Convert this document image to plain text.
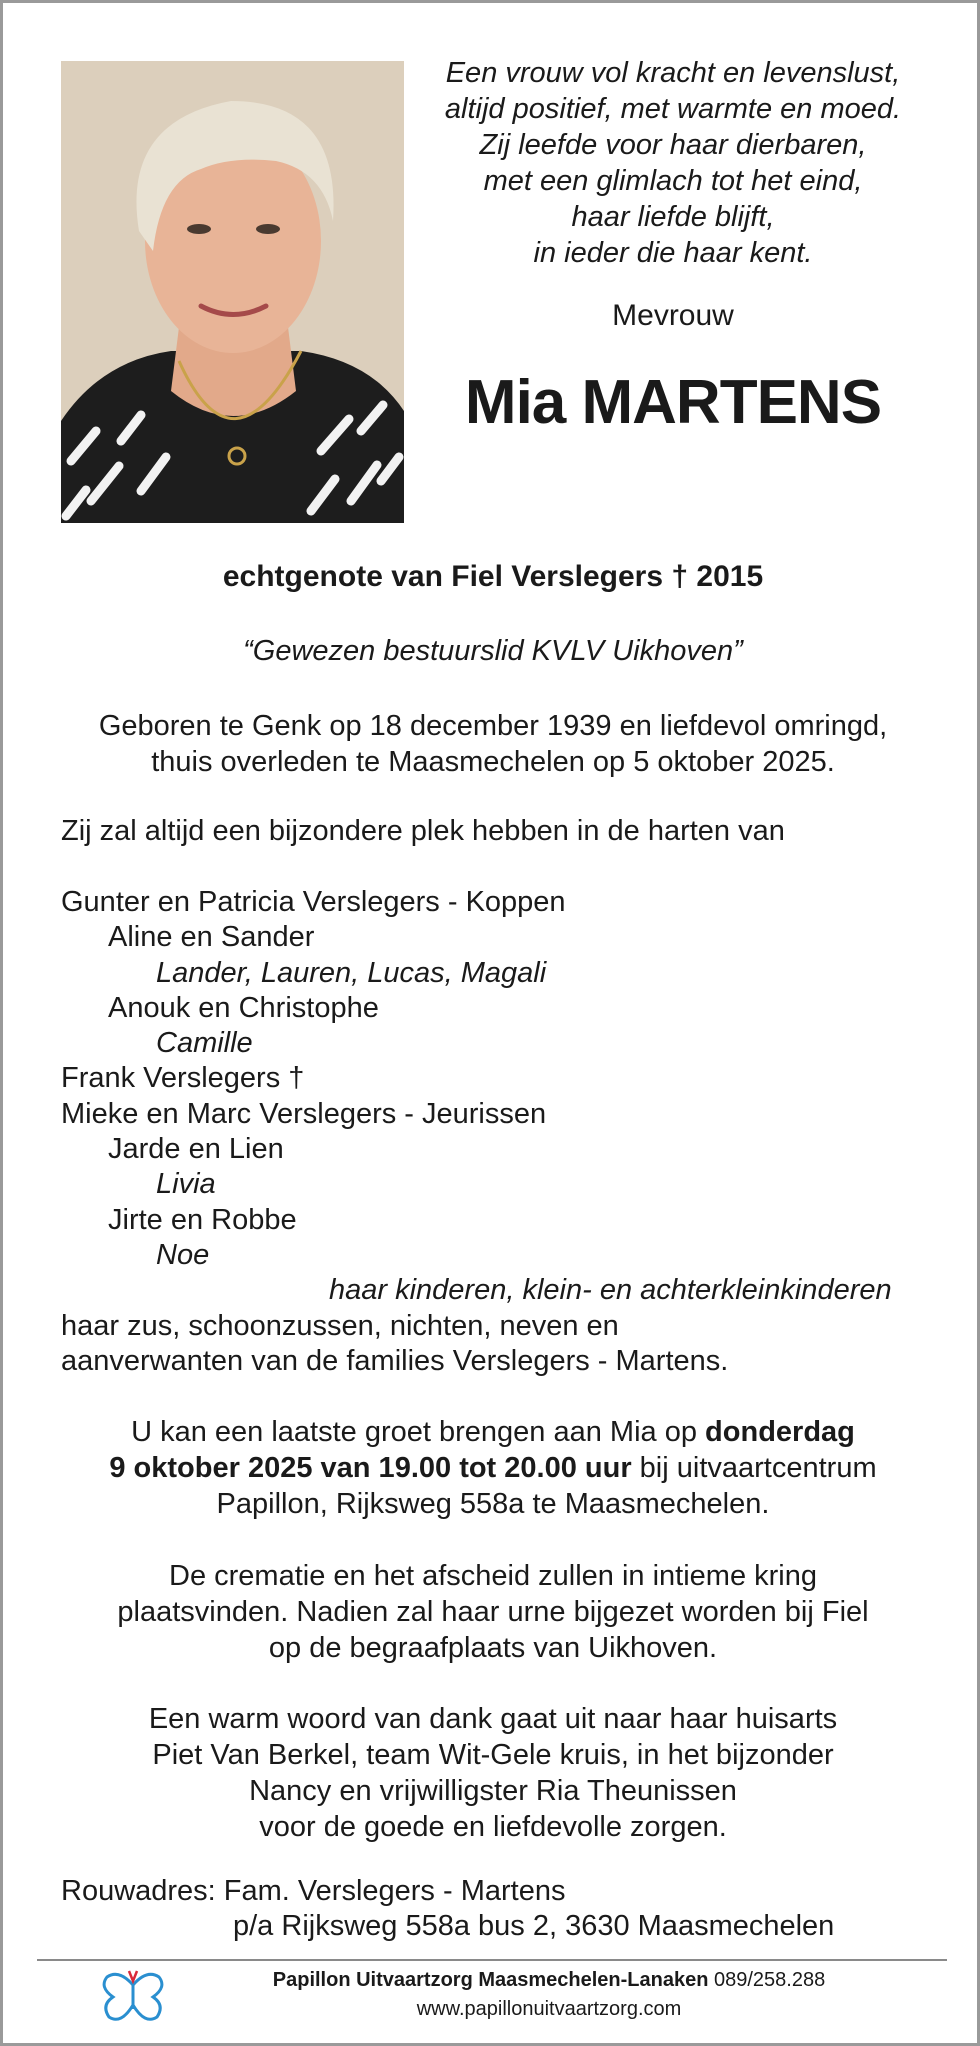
Een vrouw vol kracht en levenslust,
altijd positief, met warmte en moed.
Zij leefde voor haar dierbaren,
met een glimlach tot het eind,
haar liefde blijft,
in ieder die haar kent.
Mevrouw
Mia MARTENS
echtgenote van Fiel Verslegers † 2015
“Gewezen bestuurslid KVLV Uikhoven”
Geboren te Genk op 18 december 1939 en liefdevol omringd,
thuis overleden te Maasmechelen op 5 oktober 2025.
Zij zal altijd een bijzondere plek hebben in de harten van
Gunter en Patricia Verslegers - Koppen
Aline en Sander
Lander, Lauren, Lucas, Magali
Anouk en Christophe
Camille
Frank Verslegers †
Mieke en Marc Verslegers - Jeurissen
Jarde en Lien
Livia
Jirte en Robbe
Noe
haar kinderen, klein- en achterkleinkinderen
haar zus, schoonzussen, nichten, neven en
aanverwanten van de families Verslegers - Martens.
U kan een laatste groet brengen aan Mia op donderdag
9 oktober 2025 van 19.00 tot 20.00 uur bij uitvaartcentrum
Papillon, Rijksweg 558a te Maasmechelen.
De crematie en het afscheid zullen in intieme kring
plaatsvinden. Nadien zal haar urne bijgezet worden bij Fiel
op de begraafplaats van Uikhoven.
Een warm woord van dank gaat uit naar haar huisarts
Piet Van Berkel, team Wit-Gele kruis, in het bijzonder
Nancy en vrijwilligster Ria Theunissen
voor de goede en liefdevolle zorgen.
Rouwadres: Fam. Verslegers - Martens
p/a Rijksweg 558a bus 2, 3630 Maasmechelen
Papillon Uitvaartzorg Maasmechelen-Lanaken 089/258.288
www.papillonuitvaartzorg.com
